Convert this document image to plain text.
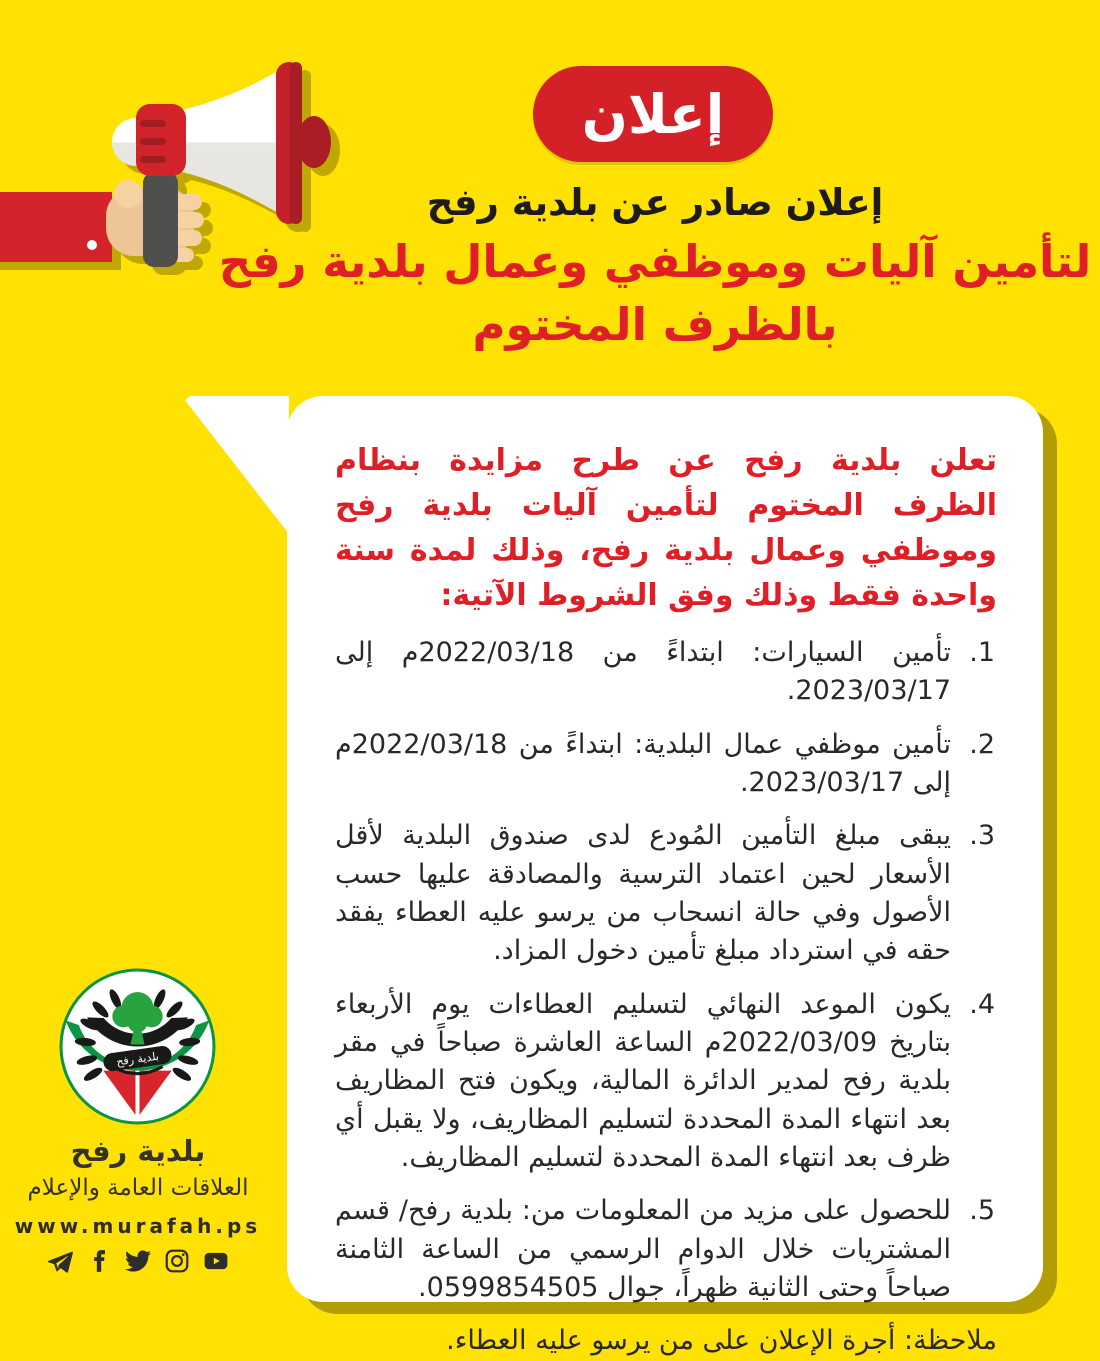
إعلان
إعلان صادر عن بلدية رفح
لتأمين آليات وموظفي وعمال بلدية رفح
بالظرف المختوم

تعلن بلدية رفح عن طرح مزايدة بنظام الظرف المختوم لتأمين آليات بلدية رفح وموظفي وعمال بلدية رفح، وذلك لمدة سنة واحدة فقط وذلك وفق الشروط الآتية:

1.
تأمين السيارات: ابتداءً من 2022/03/18م إلى 2023/03/17.
2.
تأمين موظفي عمال البلدية: ابتداءً من 2022/03/18م إلى 2023/03/17.
3.
يبقى مبلغ التأمين المُودع لدى صندوق البلدية لأقل الأسعار لحين اعتماد الترسية والمصادقة عليها حسب الأصول وفي حالة انسحاب من يرسو عليه العطاء يفقد حقه في استرداد مبلغ تأمين دخول المزاد.
4.
يكون الموعد النهائي لتسليم العطاءات يوم الأربعاء بتاريخ 2022/03/09م الساعة العاشرة صباحاً في مقر بلدية رفح لمدير الدائرة المالية، ويكون فتح المظاريف بعد انتهاء المدة المحددة لتسليم المظاريف، ولا يقبل أي ظرف بعد انتهاء المدة المحددة لتسليم المظاريف.
5.
للحصول على مزيد من المعلومات من: بلدية رفح/ قسم المشتريات خلال الدوام الرسمي من الساعة الثامنة صباحاً وحتى الثانية ظهراً، جوال 0599854505.

ملاحظة: أجرة الإعلان على من يرسو عليه العطاء.

بلدية رفح
بلدية رفح
العلاقات العامة والإعلام
www.murafah.ps
